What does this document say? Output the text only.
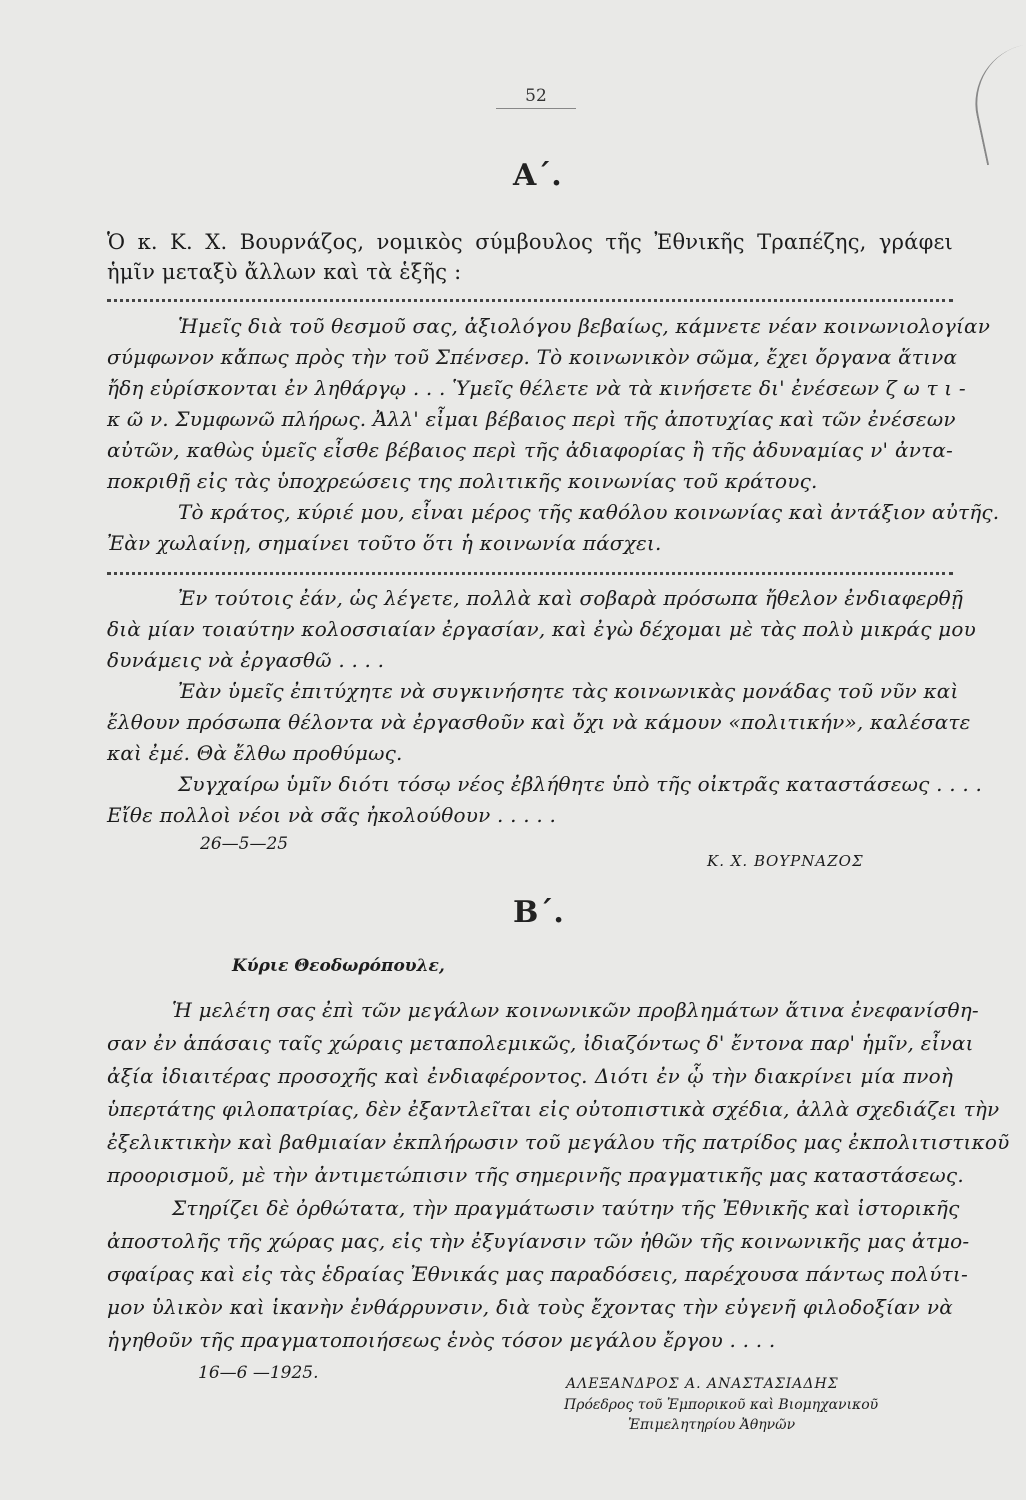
52
Α΄.
Ὁ κ. Κ. Χ. Βουρνάζος, νομικὸς σύμβουλος τῆς Ἐθνικῆς Τραπέζης, γράφει
ἡμῖν μεταξὺ ἄλλων καὶ τὰ ἑξῆς :
Ἡμεῖς διὰ τοῦ θεσμοῦ σας, ἀξιολόγου βεβαίως, κάμνετε νέαν κοινωνιολογίαν
σύμφωνον κἄπως πρὸς τὴν τοῦ Σπένσερ. Τὸ κοινωνικὸν σῶμα, ἔχει ὄργανα ἅτινα
ἤδη εὑρίσκονται ἐν ληθάργῳ . . . Ὑμεῖς θέλετε νὰ τὰ κινήσετε δι' ἐνέσεων ζ ω τ ι -
κ ῶ ν. Συμφωνῶ πλήρως. Ἀλλ' εἶμαι βέβαιος περὶ τῆς ἀποτυχίας καὶ τῶν ἐνέσεων
αὐτῶν, καθὼς ὑμεῖς εἶσθε βέβαιος περὶ τῆς ἀδιαφορίας ἢ τῆς ἀδυναμίας ν' ἀντα-
ποκριθῇ εἰς τὰς ὑποχρεώσεις της πολιτικῆς κοινωνίας τοῦ κράτους.
Τὸ κράτος, κύριέ μου, εἶναι μέρος τῆς καθόλου κοινωνίας καὶ ἀντάξιον αὐτῆς.
Ἐὰν χωλαίνῃ, σημαίνει τοῦτο ὅτι ἡ κοινωνία πάσχει.
Ἐν τούτοις ἐάν, ὡς λέγετε, πολλὰ καὶ σοβαρὰ πρόσωπα ἤθελον ἐνδιαφερθῇ
διὰ μίαν τοιαύτην κολοσσιαίαν ἐργασίαν, καὶ ἐγὼ δέχομαι μὲ τὰς πολὺ μικράς μου
δυνάμεις νὰ ἐργασθῶ . . . .
Ἐὰν ὑμεῖς ἐπιτύχητε νὰ συγκινήσητε τὰς κοινωνικὰς μονάδας τοῦ νῦν καὶ
ἔλθουν πρόσωπα θέλοντα νὰ ἐργασθοῦν καὶ ὄχι νὰ κάμουν «πολιτικήν», καλέσατε
καὶ ἐμέ. Θὰ ἔλθω προθύμως.
Συγχαίρω ὑμῖν διότι τόσῳ νέος ἐβλήθητε ὑπὸ τῆς οἰκτρᾶς καταστάσεως . . . .
Εἴθε πολλοὶ νέοι νὰ σᾶς ἠκολούθουν . . . . .
26—5—25
Κ. Χ. ΒΟΥΡΝΑΖΟΣ
Β΄.
Κύριε Θεοδωρόπουλε,
Ἡ μελέτη σας ἐπὶ τῶν μεγάλων κοινωνικῶν προβλημάτων ἅτινα ἐνεφανίσθη-
σαν ἐν ἁπάσαις ταῖς χώραις μεταπολεμικῶς, ἰδιαζόντως δ' ἔντονα παρ' ἡμῖν, εἶναι
ἀξία ἰδιαιτέρας προσοχῆς καὶ ἐνδιαφέροντος. Διότι ἐν ᾧ τὴν διακρίνει μία πνοὴ
ὑπερτάτης φιλοπατρίας, δὲν ἐξαντλεῖται εἰς οὐτοπιστικὰ σχέδια, ἀλλὰ σχεδιάζει τὴν
ἐξελικτικὴν καὶ βαθμιαίαν ἐκπλήρωσιν τοῦ μεγάλου τῆς πατρίδος μας ἐκπολιτιστικοῦ
προορισμοῦ, μὲ τὴν ἀντιμετώπισιν τῆς σημερινῆς πραγματικῆς μας καταστάσεως.
Στηρίζει δὲ ὀρθώτατα, τὴν πραγμάτωσιν ταύτην τῆς Ἐθνικῆς καὶ ἱστορικῆς
ἀποστολῆς τῆς χώρας μας, εἰς τὴν ἐξυγίανσιν τῶν ἠθῶν τῆς κοινωνικῆς μας ἀτμο-
σφαίρας καὶ εἰς τὰς ἑδραίας Ἐθνικάς μας παραδόσεις, παρέχουσα πάντως πολύτι-
μον ὑλικὸν καὶ ἱκανὴν ἐνθάρρυνσιν, διὰ τοὺς ἔχοντας τὴν εὐγενῆ φιλοδοξίαν νὰ
ἡγηθοῦν τῆς πραγματοποιήσεως ἑνὸς τόσον μεγάλου ἔργου . . . .
16—6 —1925.
ΑΛΕΞΑΝΔΡΟΣ Α. ΑΝΑΣΤΑΣΙΑΔΗΣ
Πρόεδρος τοῦ Ἐμπορικοῦ καὶ Βιομηχανικοῦ
Ἐπιμελητηρίου Ἀθηνῶν
